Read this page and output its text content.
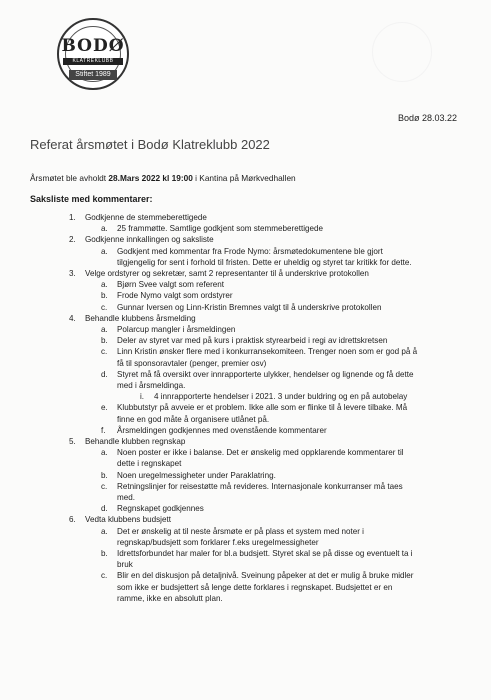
BODØ
KLATREKLUBB
Stiftet 1989
Bodø 28.03.22
Referat årsmøtet i Bodø Klatreklubb 2022
Årsmøtet ble avholdt 28.Mars 2022 kl 19:00 i Kantina på Mørkvedhallen
Saksliste med kommentarer:
1. Godkjenne de stemmeberettigede
a. 25 frammøtte. Samtlige godkjent som stemmeberettigede
2. Godkjenne innkallingen og saksliste
a. Godkjent med kommentar fra Frode Nymo: årsmøtedokumentene ble gjort
tilgjengelig for sent i forhold til fristen. Dette er uheldig og styret tar kritikk for dette.
3. Velge ordstyrer og sekretær, samt 2 representanter til å underskrive protokollen
a. Bjørn Svee valgt som referent
b. Frode Nymo valgt som ordstyrer
c. Gunnar Iversen og Linn-Kristin Bremnes valgt til å underskrive protokollen
4. Behandle klubbens årsmelding
a. Polarcup mangler i årsmeldingen
b. Deler av styret var med på kurs i praktisk styrearbeid i regi av idrettskretsen
c. Linn Kristin ønsker flere med i konkurransekomiteen. Trenger noen som er god på å
få til sponsoravtaler (penger, premier osv)
d. Styret må få oversikt over innrapporterte ulykker, hendelser og lignende og få dette
med i årsmeldinga.
i. 4 innrapporterte hendelser i 2021. 3 under buldring og en på autobelay
e. Klubbutstyr på avveie er et problem. Ikke alle som er flinke til å levere tilbake. Må
finne en god måte å organisere utlånet på.
f. Årsmeldingen godkjennes med ovenstående kommentarer
5. Behandle klubben regnskap
a. Noen poster er ikke i balanse. Det er ønskelig med oppklarende kommentarer til
dette i regnskapet
b. Noen uregelmessigheter under Paraklatring.
c. Retningslinjer for reisestøtte må revideres. Internasjonale konkurranser må taes
med.
d. Regnskapet godkjennes
6. Vedta klubbens budsjett
a. Det er ønskelig at til neste årsmøte er på plass et system med noter i
regnskap/budsjett som forklarer f.eks uregelmessigheter
b. Idrettsforbundet har maler for bl.a budsjett. Styret skal se på disse og eventuelt ta i
bruk
c. Blir en del diskusjon på detaljnivå. Sveinung påpeker at det er mulig å bruke midler
som ikke er budsjettert så lenge dette forklares i regnskapet. Budsjettet er en
ramme, ikke en absolutt plan.
